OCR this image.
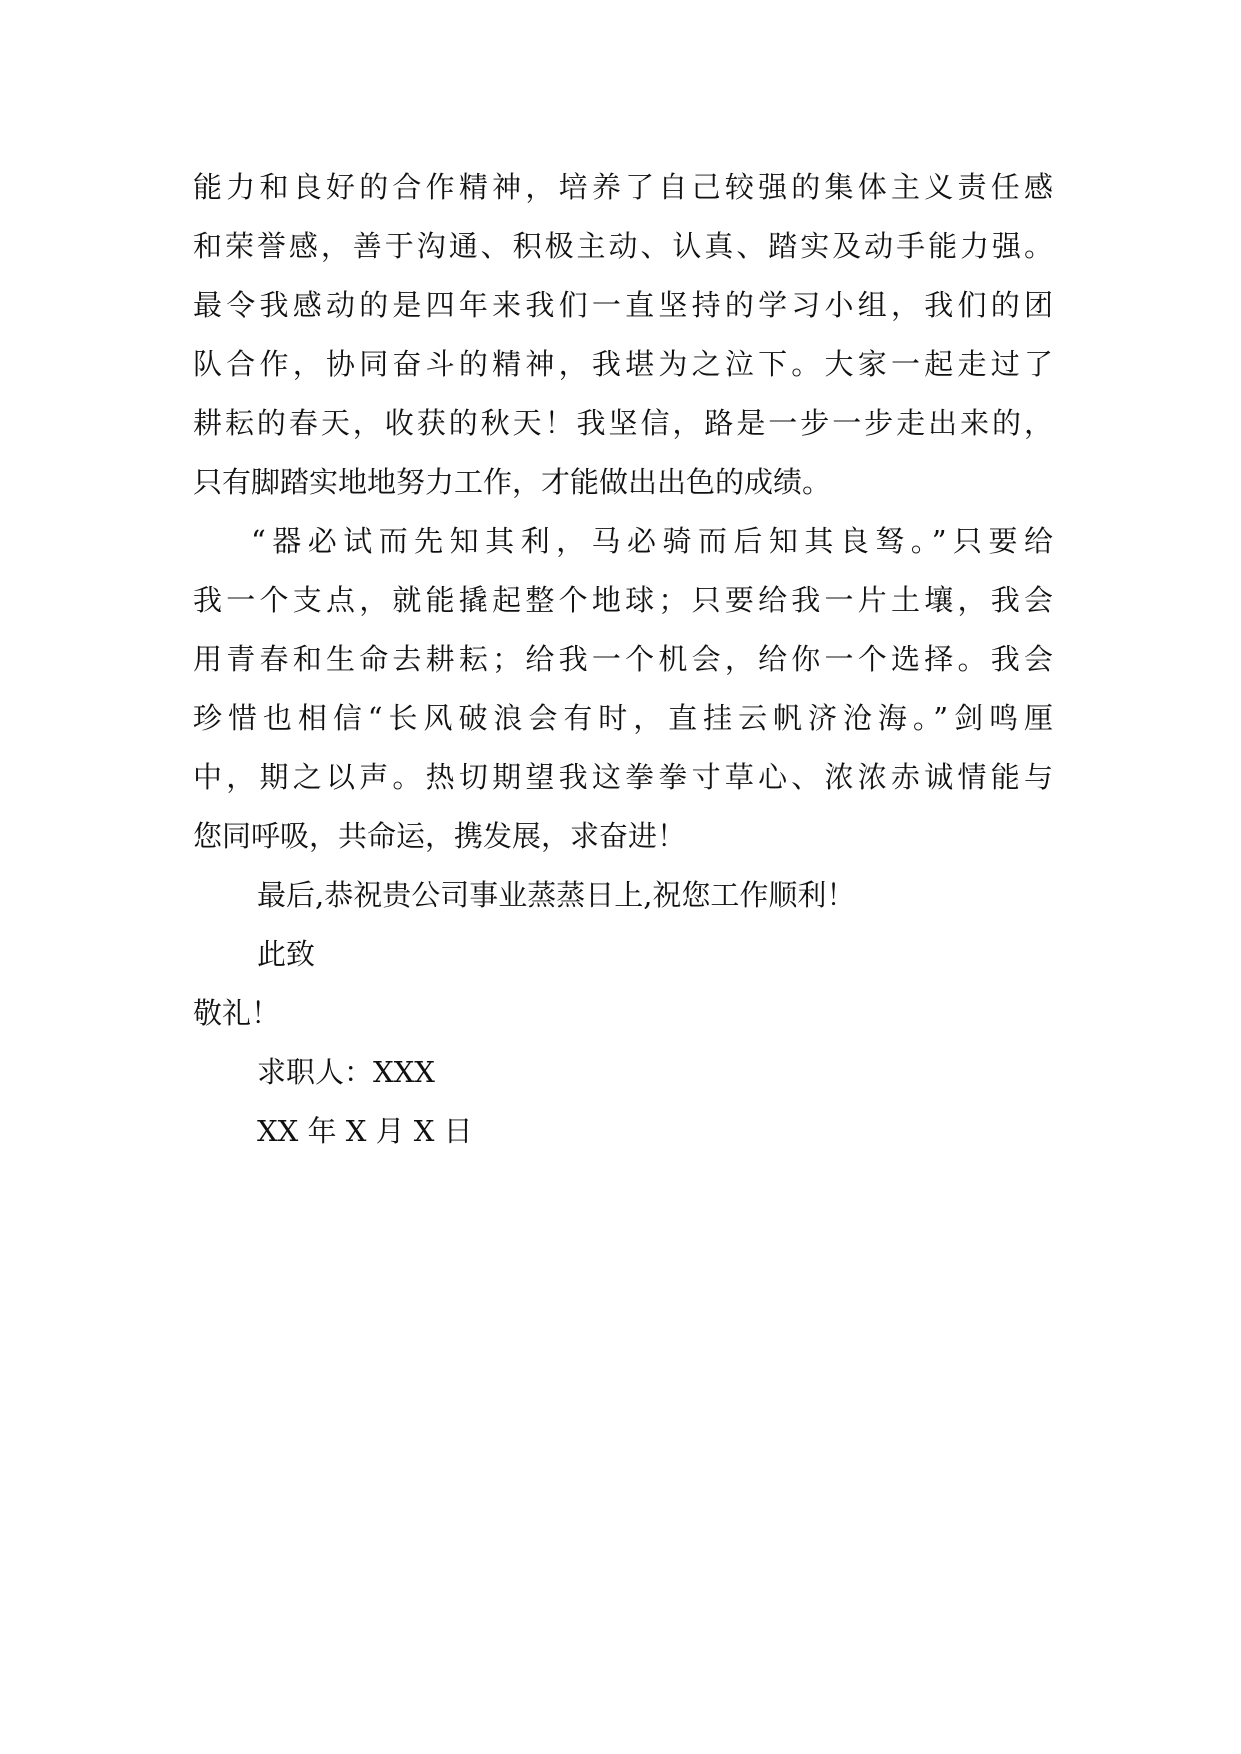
能力和良好的合作精神，培养了自己较强的集体主义责任感
和荣誉感，善于沟通、积极主动、认真、踏实及动手能力强。
最令我感动的是四年来我们一直坚持的学习小组，我们的团
队合作，协同奋斗的精神，我堪为之泣下。大家一起走过了
耕耘的春天，收获的秋天！我坚信，路是一步一步走出来的，
只有脚踏实地地努力工作，才能做出出色的成绩。
“器必试而先知其利，马必骑而后知其良驽。”只要给
我一个支点，就能撬起整个地球；只要给我一片土壤，我会
用青春和生命去耕耘；给我一个机会，给你一个选择。我会
珍惜也相信“长风破浪会有时，直挂云帆济沧海。”剑鸣厘
中，期之以声。热切期望我这拳拳寸草心、浓浓赤诚情能与
您同呼吸，共命运，携发展，求奋进！
最后,恭祝贵公司事业蒸蒸日上,祝您工作顺利！
此致
敬礼！
求职人：XXX
XX 年 X 月 X 日
